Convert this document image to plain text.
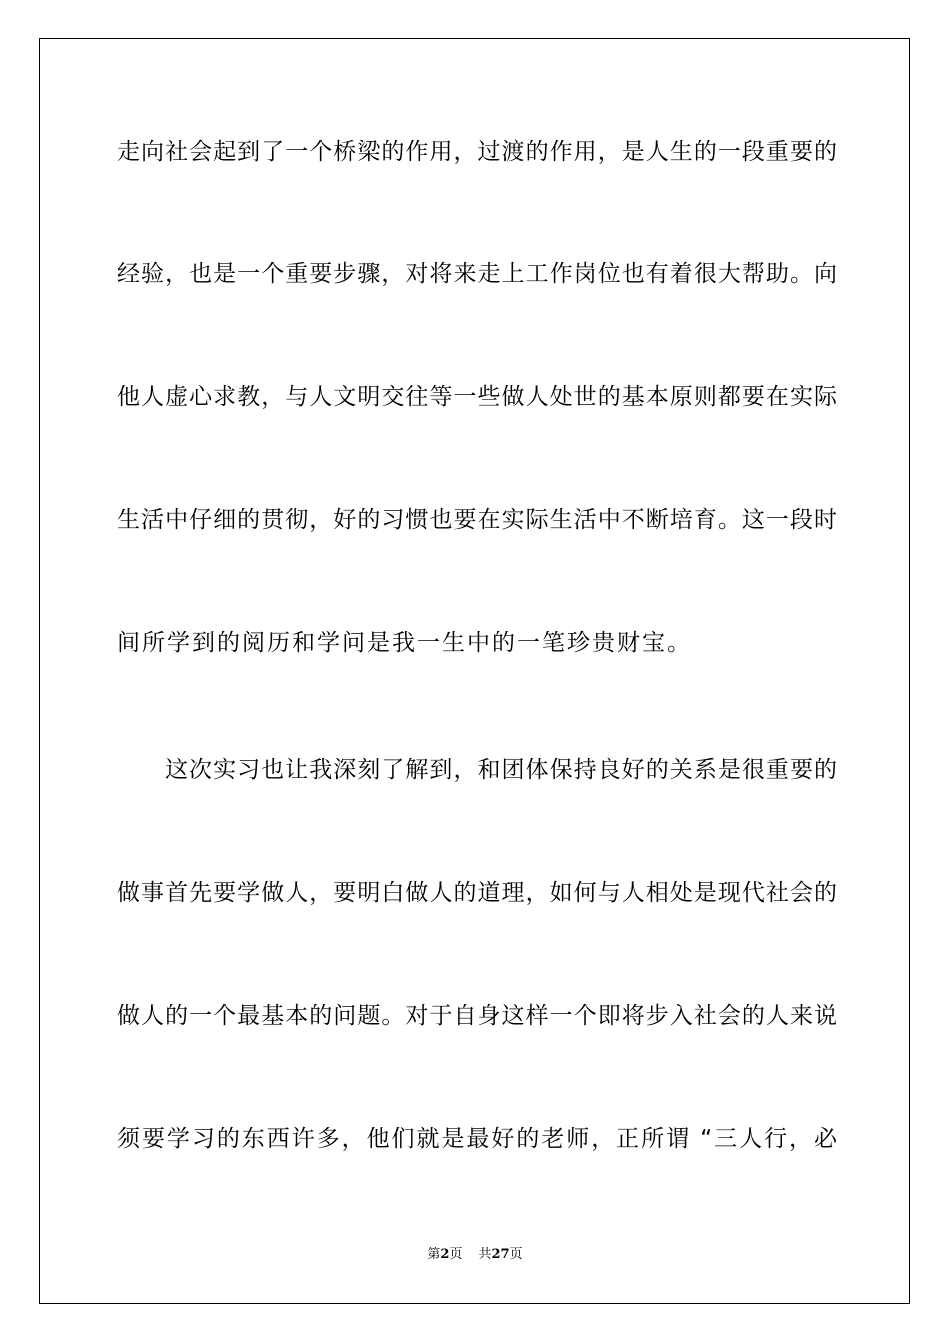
走向社会起到了一个桥梁的作用，过渡的作用，是人生的一段重要的
经验，也是一个重要步骤，对将来走上工作岗位也有着很大帮助。向
他人虚心求教，与人文明交往等一些做人处世的基本原则都要在实际
生活中仔细的贯彻，好的习惯也要在实际生活中不断培育。这一段时
间所学到的阅历和学问是我一生中的一笔珍贵财宝。
这次实习也让我深刻了解到，和团体保持良好的关系是很重要的
做事首先要学做人，要明白做人的道理，如何与人相处是现代社会的
做人的一个最基本的问题。对于自身这样一个即将步入社会的人来说
须要学习的东西许多，他们就是最好的老师，正所谓 “三人行，必
第2页 共27页
